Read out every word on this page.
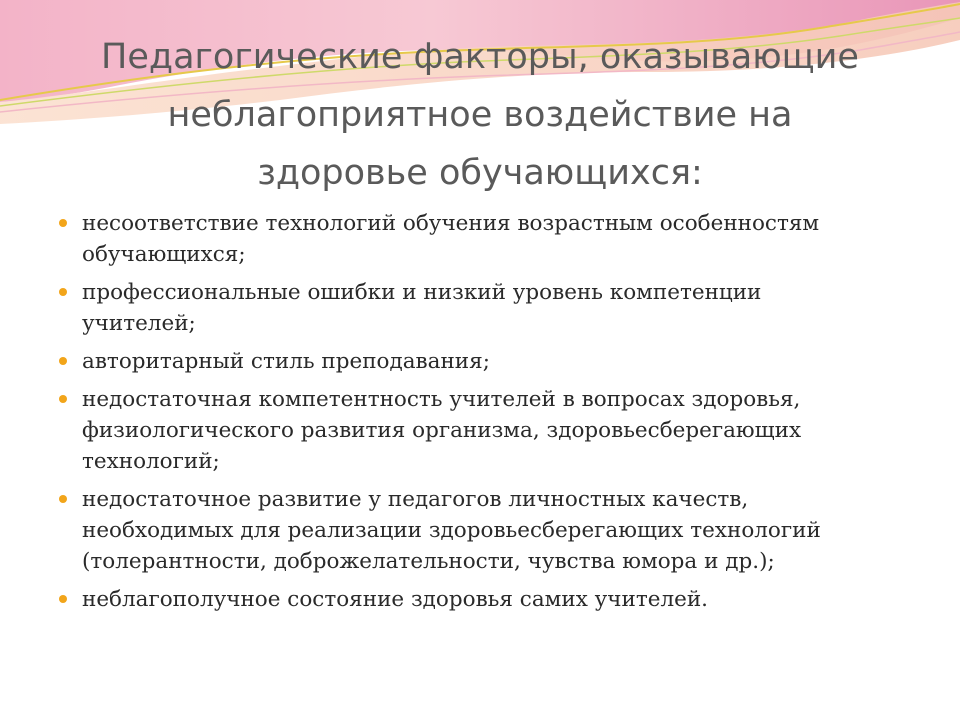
Педагогические факторы, оказывающие
неблагоприятное воздействие на
здоровье обучающихся:
несоответствие технологий обучения возрастным особенностям
обучающихся;
профессиональные ошибки и низкий уровень компетенции
учителей;
авторитарный стиль преподавания;
недостаточная компетентность учителей в вопросах здоровья,
физиологического развития организма, здоровьесберегающих
технологий;
недостаточное развитие у педагогов личностных качеств,
необходимых для реализации здоровьесберегающих технологий
(толерантности, доброжелательности, чувства юмора и др.);
неблагополучное состояние здоровья самих учителей.
